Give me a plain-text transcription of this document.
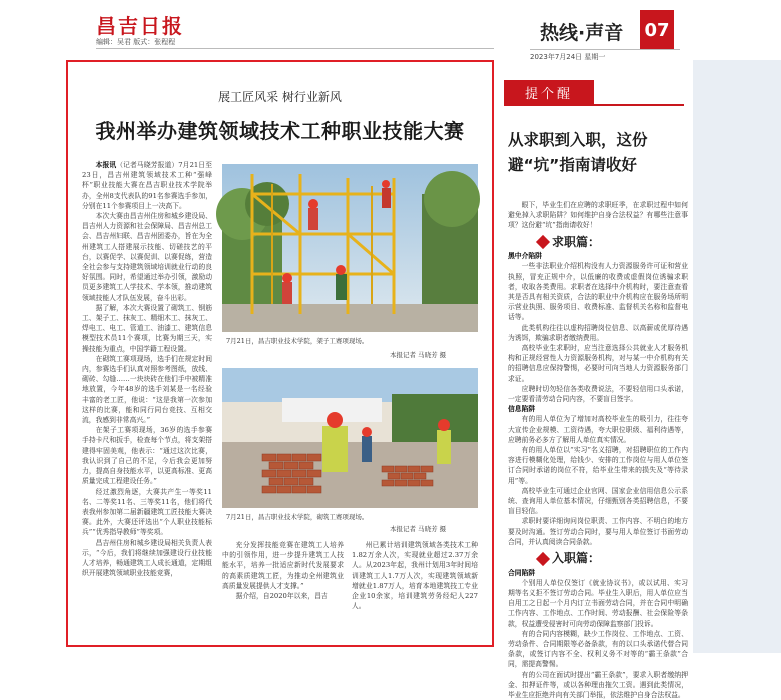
昌吉日报
编辑：吴君 版式：张程程	热线·声音 07
2023年7月24日 星期一
展工匠风采 树行业新风
我州举办建筑领域技术工种职业技能大赛

本报讯（记者马晓芳报道）7月21日至23日，昌吉州建筑领域技术工种“强峰杯”职业技能大赛在昌吉职业技术学院举办，全州8支代表队的91名参赛选手参加，分别在11个参赛项目上一决高下。

本次大赛由昌吉州住房和城乡建设局、昌吉州人力资源和社会保障局、昌吉州总工会、昌吉州妇联、昌吉州团委办，旨在为全州建筑工人搭建展示技能、切磋技艺的平台，以赛促学、以赛促训、以赛促练，营造全社会参与支持建筑领域培训就业行动的良好氛围。同时，希望通过举办引领，激励动员更多建筑工人学技术、学本领，推动建筑领域技能人才队伍发展，奋斗出彩。

据了解，本次大赛设置了砌筑工、钢筋工、架子工、抹灰工、精细木工、抹灰工、焊电工、电工、管道工、油漆工、建筑信息模型技术员11个赛项，比赛为期三天，实操技能为重点，中国学籍工程设置。

在砌筑工赛项现场，选手们在规定时间内，参赛选手们认真对照参考图纸，放线、砌砖、勾缝……一块块砖在他们手中被精准地放置，今年48岁的选手刘某是一名经验丰富的老工匠，他说：“这是我第一次参加这样的比赛，能和同行同台竞技、互相交流，我感到非常高兴。”

在架子工赛项现场，36岁的选手参赛手持卡尺和扳手，检查每个节点，将支架搭建得牢固美观，他表示：“通过这次比赛，我认识到了自己的不足，今后我会更加努力，提高自身技能水平，以更高标准、更高质量完成工程建设任务。”

经过激烈角逐，大赛共产生一等奖11名、二等奖11名、三等奖11名，他们将代表我州参加第二届新疆建筑工匠技能大赛决赛。此外，大赛还评选出“个人职业技能标兵”“优秀指导教师”等奖项。

昌吉州住房和城乡建设局相关负责人表示，“今后，我们将继续加强建设行业技能人才培养，畅通建筑工人成长通道，定期组织开展建筑领域职业技能竞赛，

7月21日，昌吉职业技术学院，架子工赛项现场。
本报记者 马晓芳 摄
7月21日，昌吉职业技术学院，砌筑工赛项现场。
本报记者 马晓芳 摄

充分发挥技能竞赛在建筑工人培养中的引领作用，进一步提升建筑工人技能水平，培养一批适应新时代发展要求的高素质建筑工匠，为推动全州建筑业高质量发展提供人才支撑。”

据介绍，自2020年以来，昌吉

州已累计培训建筑领域各类技术工种1.82万余人次，实现就业超过2.37万余人。从2023年起，我州计划用3年时间培训建筑工人1.7万人次，实现建筑领域新增就业1.87万人，培育本地建筑技工专业企业10余家，培训建筑劳务经纪人227人。

提个醒
从求职到入职，这份避“坑”指南请收好

眼下，毕业生们在应聘的求职旺季，在求职过程中如何避免掉入求职陷阱？如何维护自身合法权益？有哪些注意事项？这份避“坑”指南请收好！

求职篇：
黑中介陷阱

一些非法职业介绍机构没有人力资源服务许可证和营业执照，冒充正规中介，以低廉的收费或虚假岗位诱骗求职者，收取各类费用。求职者在选择中介机构时，要注意查看其是否具有相关资质，合法的职业中介机构应在服务场所明示营业执照、服务项目、收费标准、监督机关名称和监督电话等。

此类机构往往以虚构招聘岗位信息、以高薪或优厚待遇为诱饵，欺骗求职者缴纳费用。

高校毕业生求职时，应当注意选择公共就业人才服务机构和正规经营性人力资源服务机构，对与某一中介机构有关的招聘信息应保持警惕，必要时可向当地人力资源服务部门求证。

应聘时切勿轻信各类收费说法，不要轻信用口头承诺，一定要看清劳动合同内容，不要盲目签字。

信息陷阱

有的用人单位为了增加对高校毕业生的吸引力，往往夸大宣传企业规模、工资待遇，夸大职位职级、福利待遇等，应聘前务必多方了解用人单位真实情况。

有的用人单位以“实习”名义招聘，对招聘职位的工作内容进行模糊化处理，给钱少、安排的工作岗位与用人单位签订合同时承诺的岗位不符，给毕业生带来的损失及“等待录用”等。

高校毕业生可通过企业官网、国家企业信用信息公示系统、查询用人单位基本情况，仔细甄别各类招聘信息，不要盲目轻信。

求职时要详细询问岗位职责、工作内容、不明白的地方要及时沟通。签订劳动合同时，要与用人单位签订书面劳动合同，并认真阅读合同条款。

入职篇：
合同陷阱

个别用人单位仅签订《就业协议书》，或以试用、实习期等名义拒不签订劳动合同。毕业生入职后，用人单位应当自用工之日起一个月内订立书面劳动合同，并在合同中明确工作内容、工作地点、工作时间、劳动报酬、社会保险等条款，权益遭受侵害时可向劳动保障监察部门投诉。

有的合同内容模糊，缺少工作岗位、工作地点、工资、劳动条件、合同期限等必备条款，有的以口头承诺代替合同条款，或签订内容不全、权利义务不对等的“霸王条款”合同，需提高警惕。

有的公司在面试时提出“霸王条款”，要求入职者缴纳押金、扣押证件等，或以各种理由拖欠工资。遇到此类情况，毕业生应拒绝并向有关部门举报，依法维护自身合法权益。
